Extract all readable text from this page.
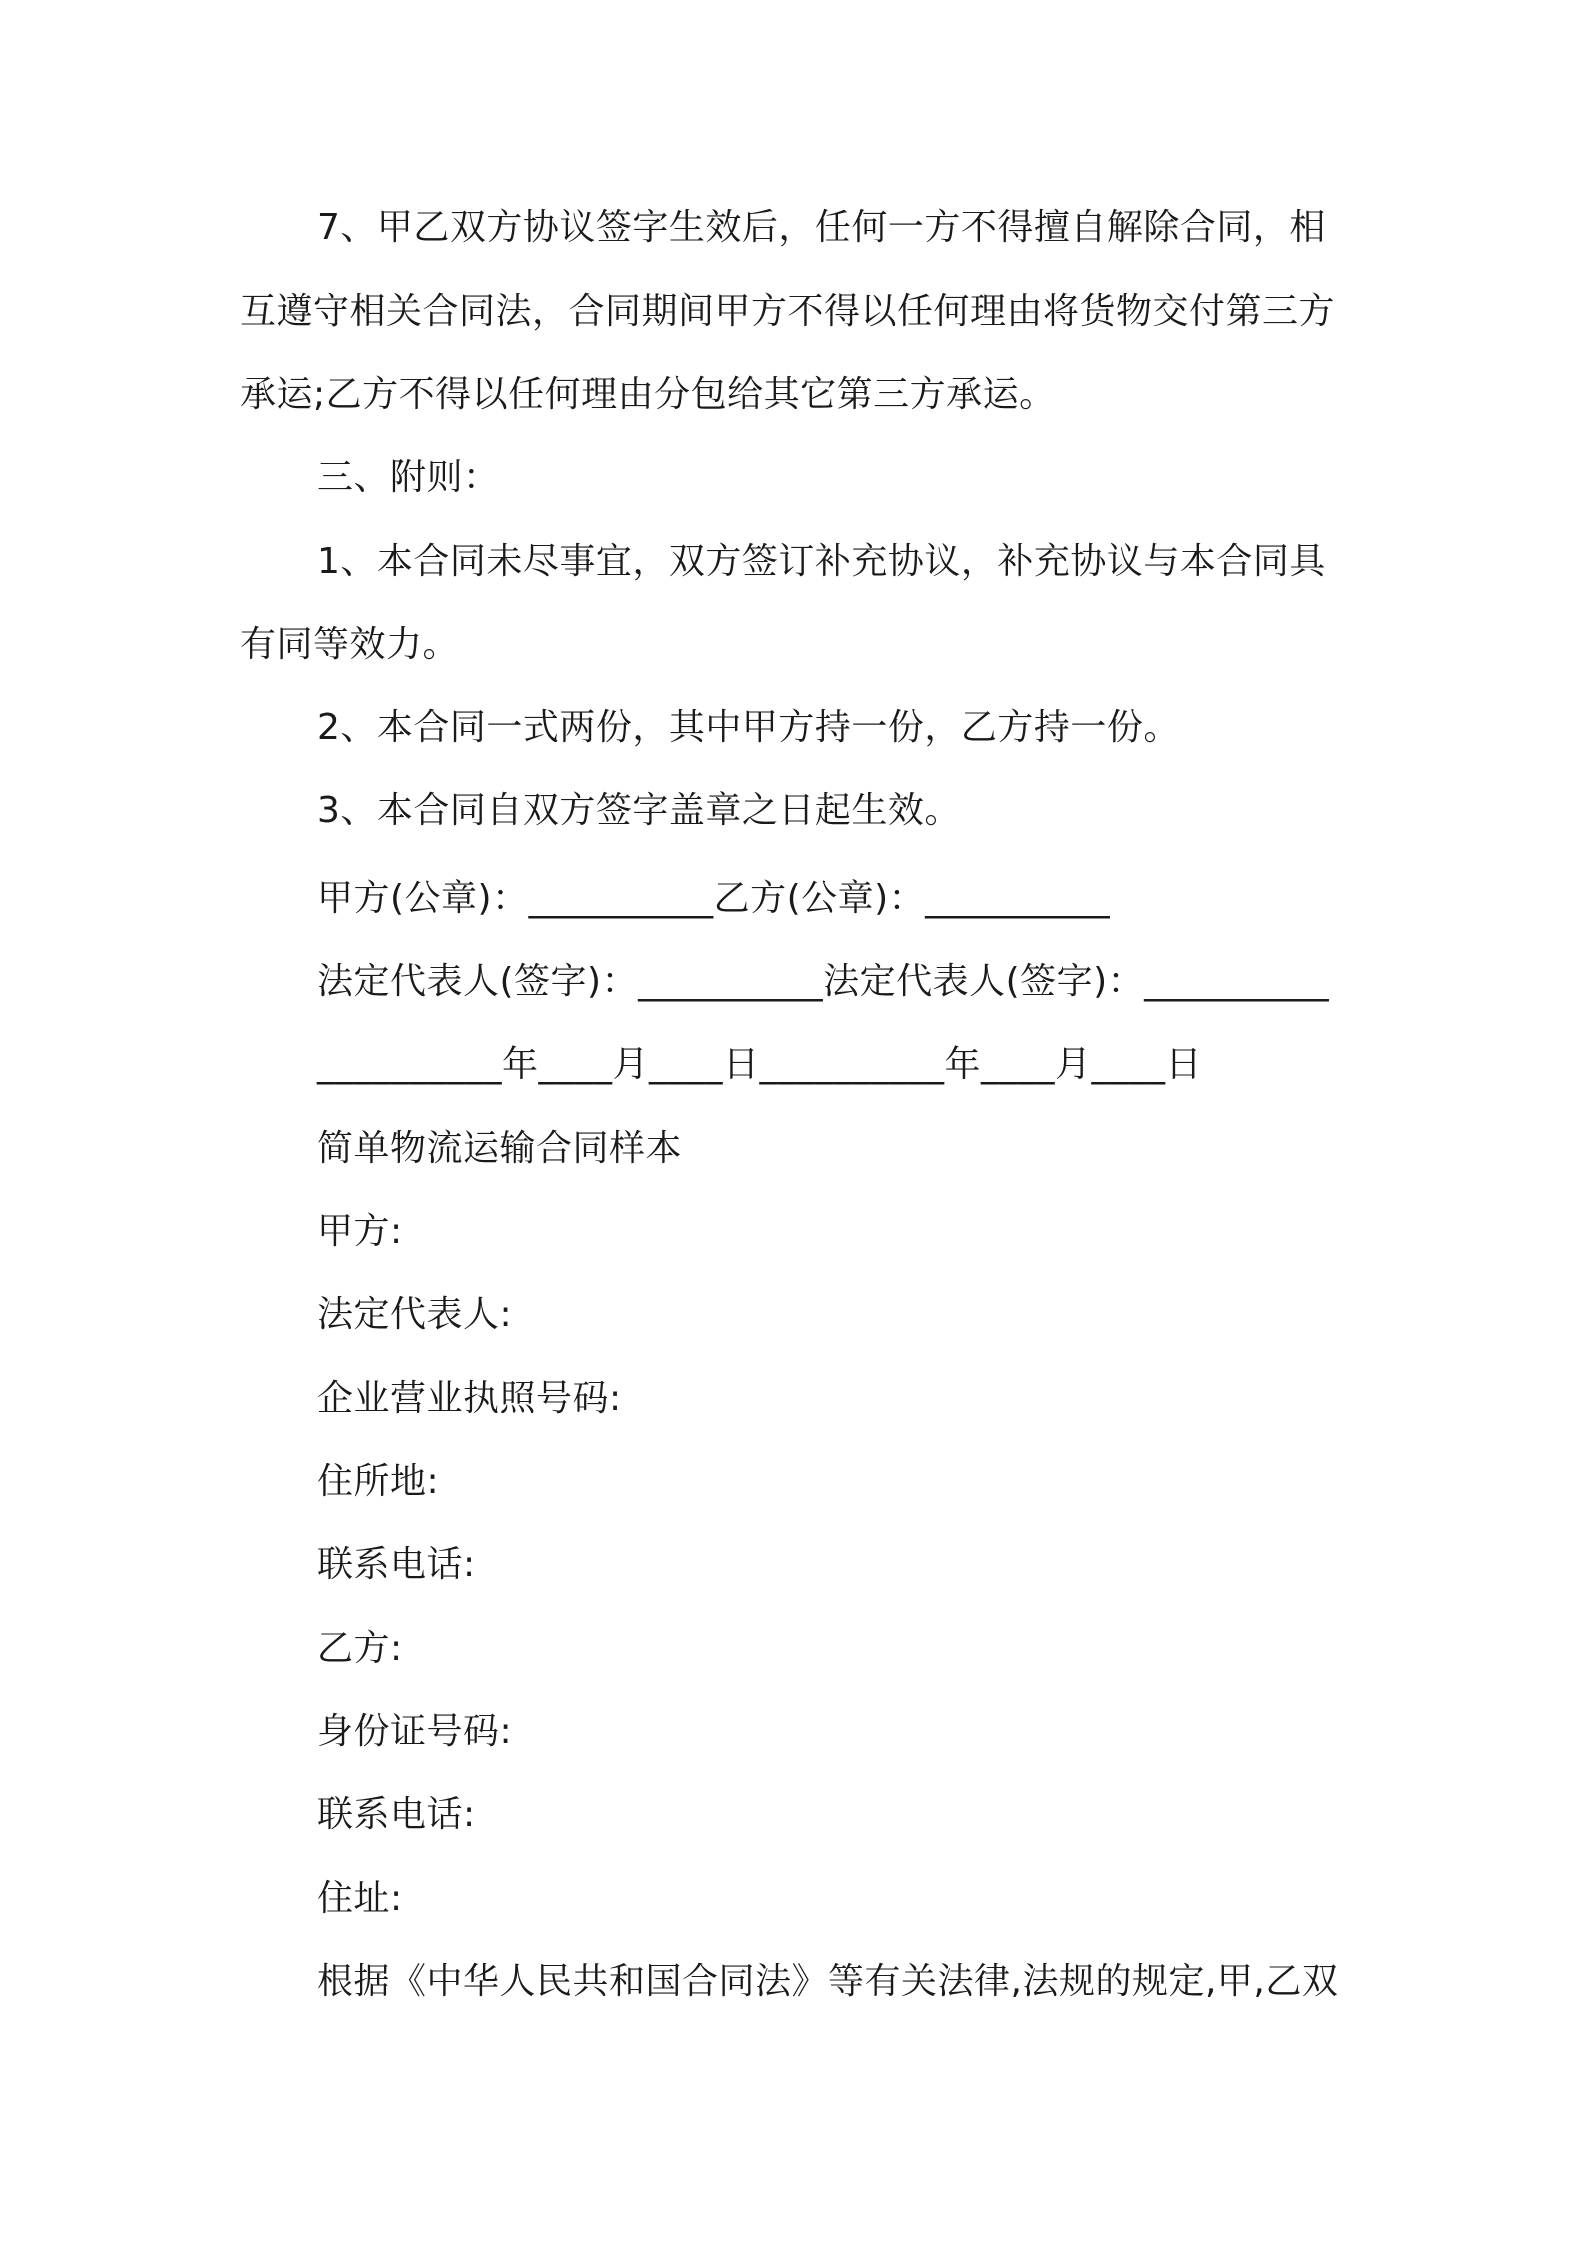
7、甲乙双方协议签字生效后，任何一方不得擅自解除合同，相
互遵守相关合同法，合同期间甲方不得以任何理由将货物交付第三方
承运;乙方不得以任何理由分包给其它第三方承运。
三、附则：
1、本合同未尽事宜，双方签订补充协议，补充协议与本合同具
有同等效力。
2、本合同一式两份，其中甲方持一份，乙方持一份。
3、本合同自双方签字盖章之日起生效。
甲方(公章)：__________乙方(公章)：__________
法定代表人(签字)：__________法定代表人(签字)：__________
__________年____月____日__________年____月____日
简单物流运输合同样本
甲方:
法定代表人:
企业营业执照号码:
住所地:
联系电话:
乙方:
身份证号码:
联系电话:
住址:
根据《中华人民共和国合同法》等有关法律,法规的规定,甲,乙双
